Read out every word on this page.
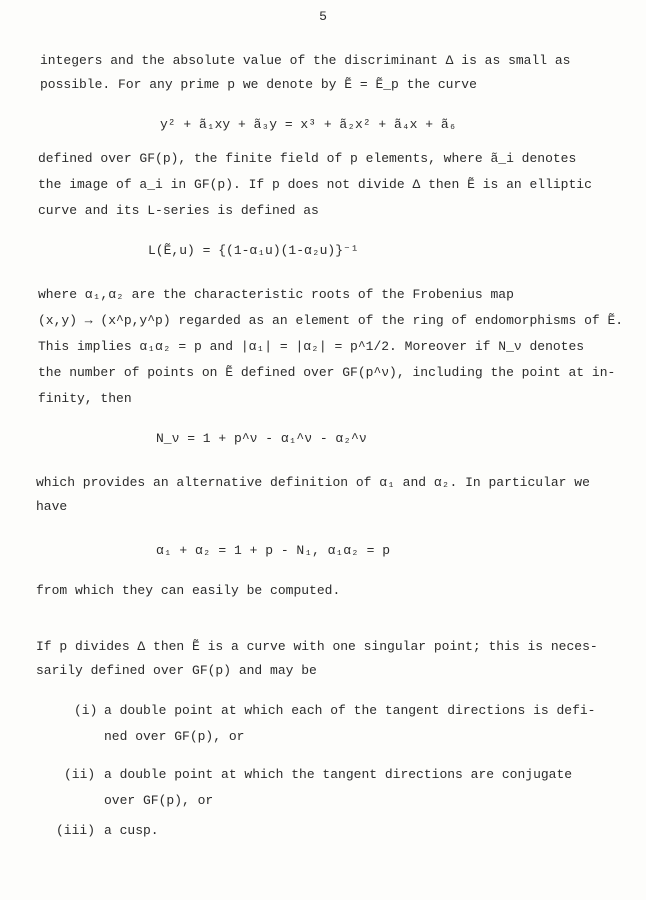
5

integers and the absolute value of the discriminant Δ is as small as

possible. For any prime p we denote by Ẽ = Ẽ_p the curve

y² + ã₁xy + ã₃y = x³ + ã₂x² + ã₄x + ã₆

defined over GF(p), the finite field of p elements, where ã_i denotes

the image of a_i in GF(p). If p does not divide Δ then Ẽ is an elliptic

curve and its L-series is defined as

L(Ẽ,u) = {(1-α₁u)(1-α₂u)}⁻¹

where α₁,α₂ are the characteristic roots of the Frobenius map

(x,y) → (x^p,y^p) regarded as an element of the ring of endomorphisms of Ẽ.

This implies α₁α₂ = p and |α₁| = |α₂| = p^1/2. Moreover if N_ν denotes

the number of points on Ẽ defined over GF(p^ν), including the point at in-

finity, then

N_ν = 1 + p^ν - α₁^ν - α₂^ν

which provides an alternative definition of α₁ and α₂. In particular we

have

α₁ + α₂ = 1 + p - N₁, α₁α₂ = p

from which they can easily be computed.

If p divides Δ then Ẽ is a curve with one singular point; this is neces-

sarily defined over GF(p) and may be

(i) a double point at which each of the tangent directions is defi-

ned over GF(p), or

(ii) a double point at which the tangent directions are conjugate

over GF(p), or

(iii) a cusp.
